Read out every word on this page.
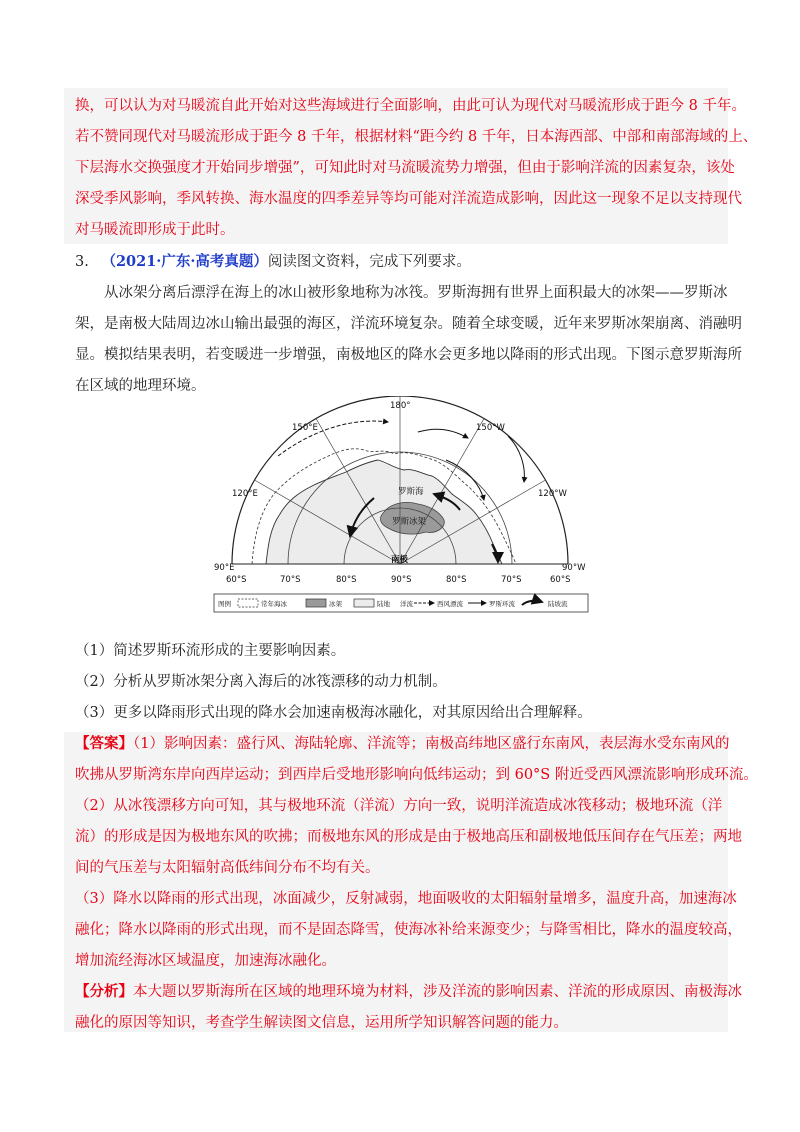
换，可以认为对马暖流自此开始对这些海域进行全面影响，由此可认为现代对马暖流形成于距今 8 千年。
若不赞同现代对马暖流形成于距今 8 千年，根据材料“距今约 8 千年，日本海西部、中部和南部海域的上、
下层海水交换强度才开始同步增强”，可知此时对马流暖流势力增强，但由于影响洋流的因素复杂，该处
深受季风影响，季风转换、海水温度的四季差异等均可能对洋流造成影响，因此这一现象不足以支持现代
对马暖流即形成于此时。
3. （2021·广东·高考真题）阅读图文资料，完成下列要求。
从冰架分离后漂浮在海上的冰山被形象地称为冰筏。罗斯海拥有世界上面积最大的冰架——罗斯冰
架，是南极大陆周边冰山输出最强的海区，洋流环境复杂。随着全球变暖，近年来罗斯冰架崩离、消融明
显。模拟结果表明，若变暖进一步增强，南极地区的降水会更多地以降雨的形式出现。下图示意罗斯海所
在区域的地理环境。
罗斯海
罗斯冰架
南极
180°
150°E	150°W
120°E	120°W
90°E	90°W
60°S	70°S	80°S	90°S	80°S	70°S	60°S
图例	常年海冰	冰架	陆地 洋流	西风漂流	罗斯环流	陆坡流
（1）简述罗斯环流形成的主要影响因素。
（2）分析从罗斯冰架分离入海后的冰筏漂移的动力机制。
（3）更多以降雨形式出现的降水会加速南极海冰融化，对其原因给出合理解释。
【答案】（1）影响因素：盛行风、海陆轮廓、洋流等；南极高纬地区盛行东南风，表层海水受东南风的
吹拂从罗斯湾东岸向西岸运动；到西岸后受地形影响向低纬运动；到 60°S 附近受西风漂流影响形成环流。
（2）从冰筏漂移方向可知，其与极地环流（洋流）方向一致，说明洋流造成冰筏移动；极地环流（洋
流）的形成是因为极地东风的吹拂；而极地东风的形成是由于极地高压和副极地低压间存在气压差；两地
间的气压差与太阳辐射高低纬间分布不均有关。
（3）降水以降雨的形式出现，冰面减少，反射减弱，地面吸收的太阳辐射量增多，温度升高，加速海冰
融化；降水以降雨的形式出现，而不是固态降雪，使海冰补给来源变少；与降雪相比，降水的温度较高，
增加流经海冰区域温度，加速海冰融化。
【分析】本大题以罗斯海所在区域的地理环境为材料，涉及洋流的影响因素、洋流的形成原因、南极海冰
融化的原因等知识，考查学生解读图文信息，运用所学知识解答问题的能力。
